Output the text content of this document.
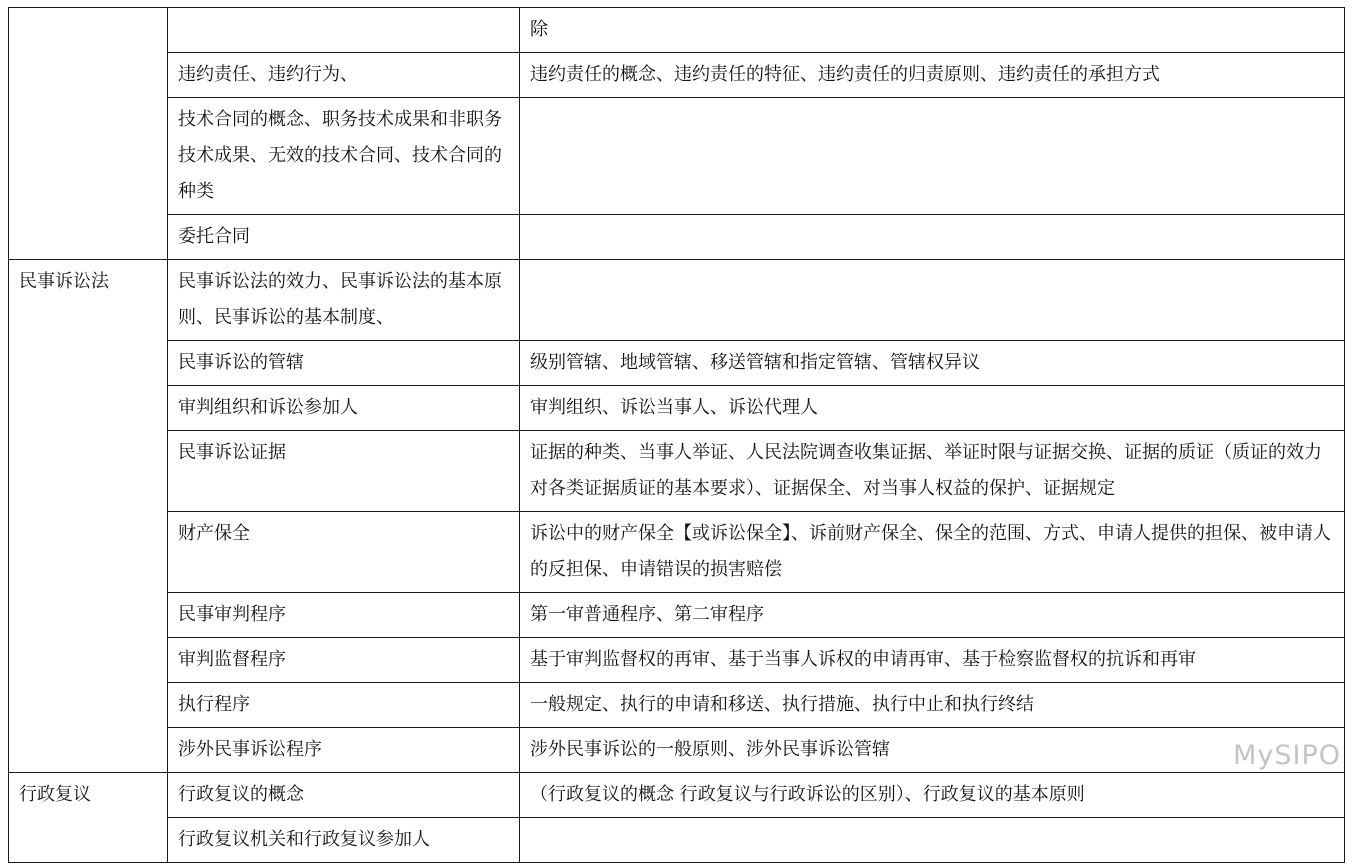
		除
	违约责任、违约行为、	违约责任的概念、违约责任的特征、违约责任的归责原则、违约责任的承担方式
	技术合同的概念、职务技术成果和非职务技术成果、无效的技术合同、技术合同的种类	
	委托合同	
民事诉讼法	民事诉讼法的效力、民事诉讼法的基本原则、民事诉讼的基本制度、	
	民事诉讼的管辖	级别管辖、地域管辖、移送管辖和指定管辖、管辖权异议
	审判组织和诉讼参加人	审判组织、诉讼当事人、诉讼代理人
	民事诉讼证据	证据的种类、当事人举证、人民法院调查收集证据、举证时限与证据交换、证据的质证（质证的效力 对各类证据质证的基本要求）、证据保全、对当事人权益的保护、证据规定
	财产保全	诉讼中的财产保全【或诉讼保全】、诉前财产保全、保全的范围、方式、申请人提供的担保、被申请人的反担保、申请错误的损害赔偿
	民事审判程序	第一审普通程序、第二审程序
	审判监督程序	基于审判监督权的再审、基于当事人诉权的申请再审、基于检察监督权的抗诉和再审
	执行程序	一般规定、执行的申请和移送、执行措施、执行中止和执行终结
	涉外民事诉讼程序	涉外民事诉讼的一般原则、涉外民事诉讼管辖
行政复议	行政复议的概念	（行政复议的概念 行政复议与行政诉讼的区别）、行政复议的基本原则
	行政复议机关和行政复议参加人	
MySIPO
